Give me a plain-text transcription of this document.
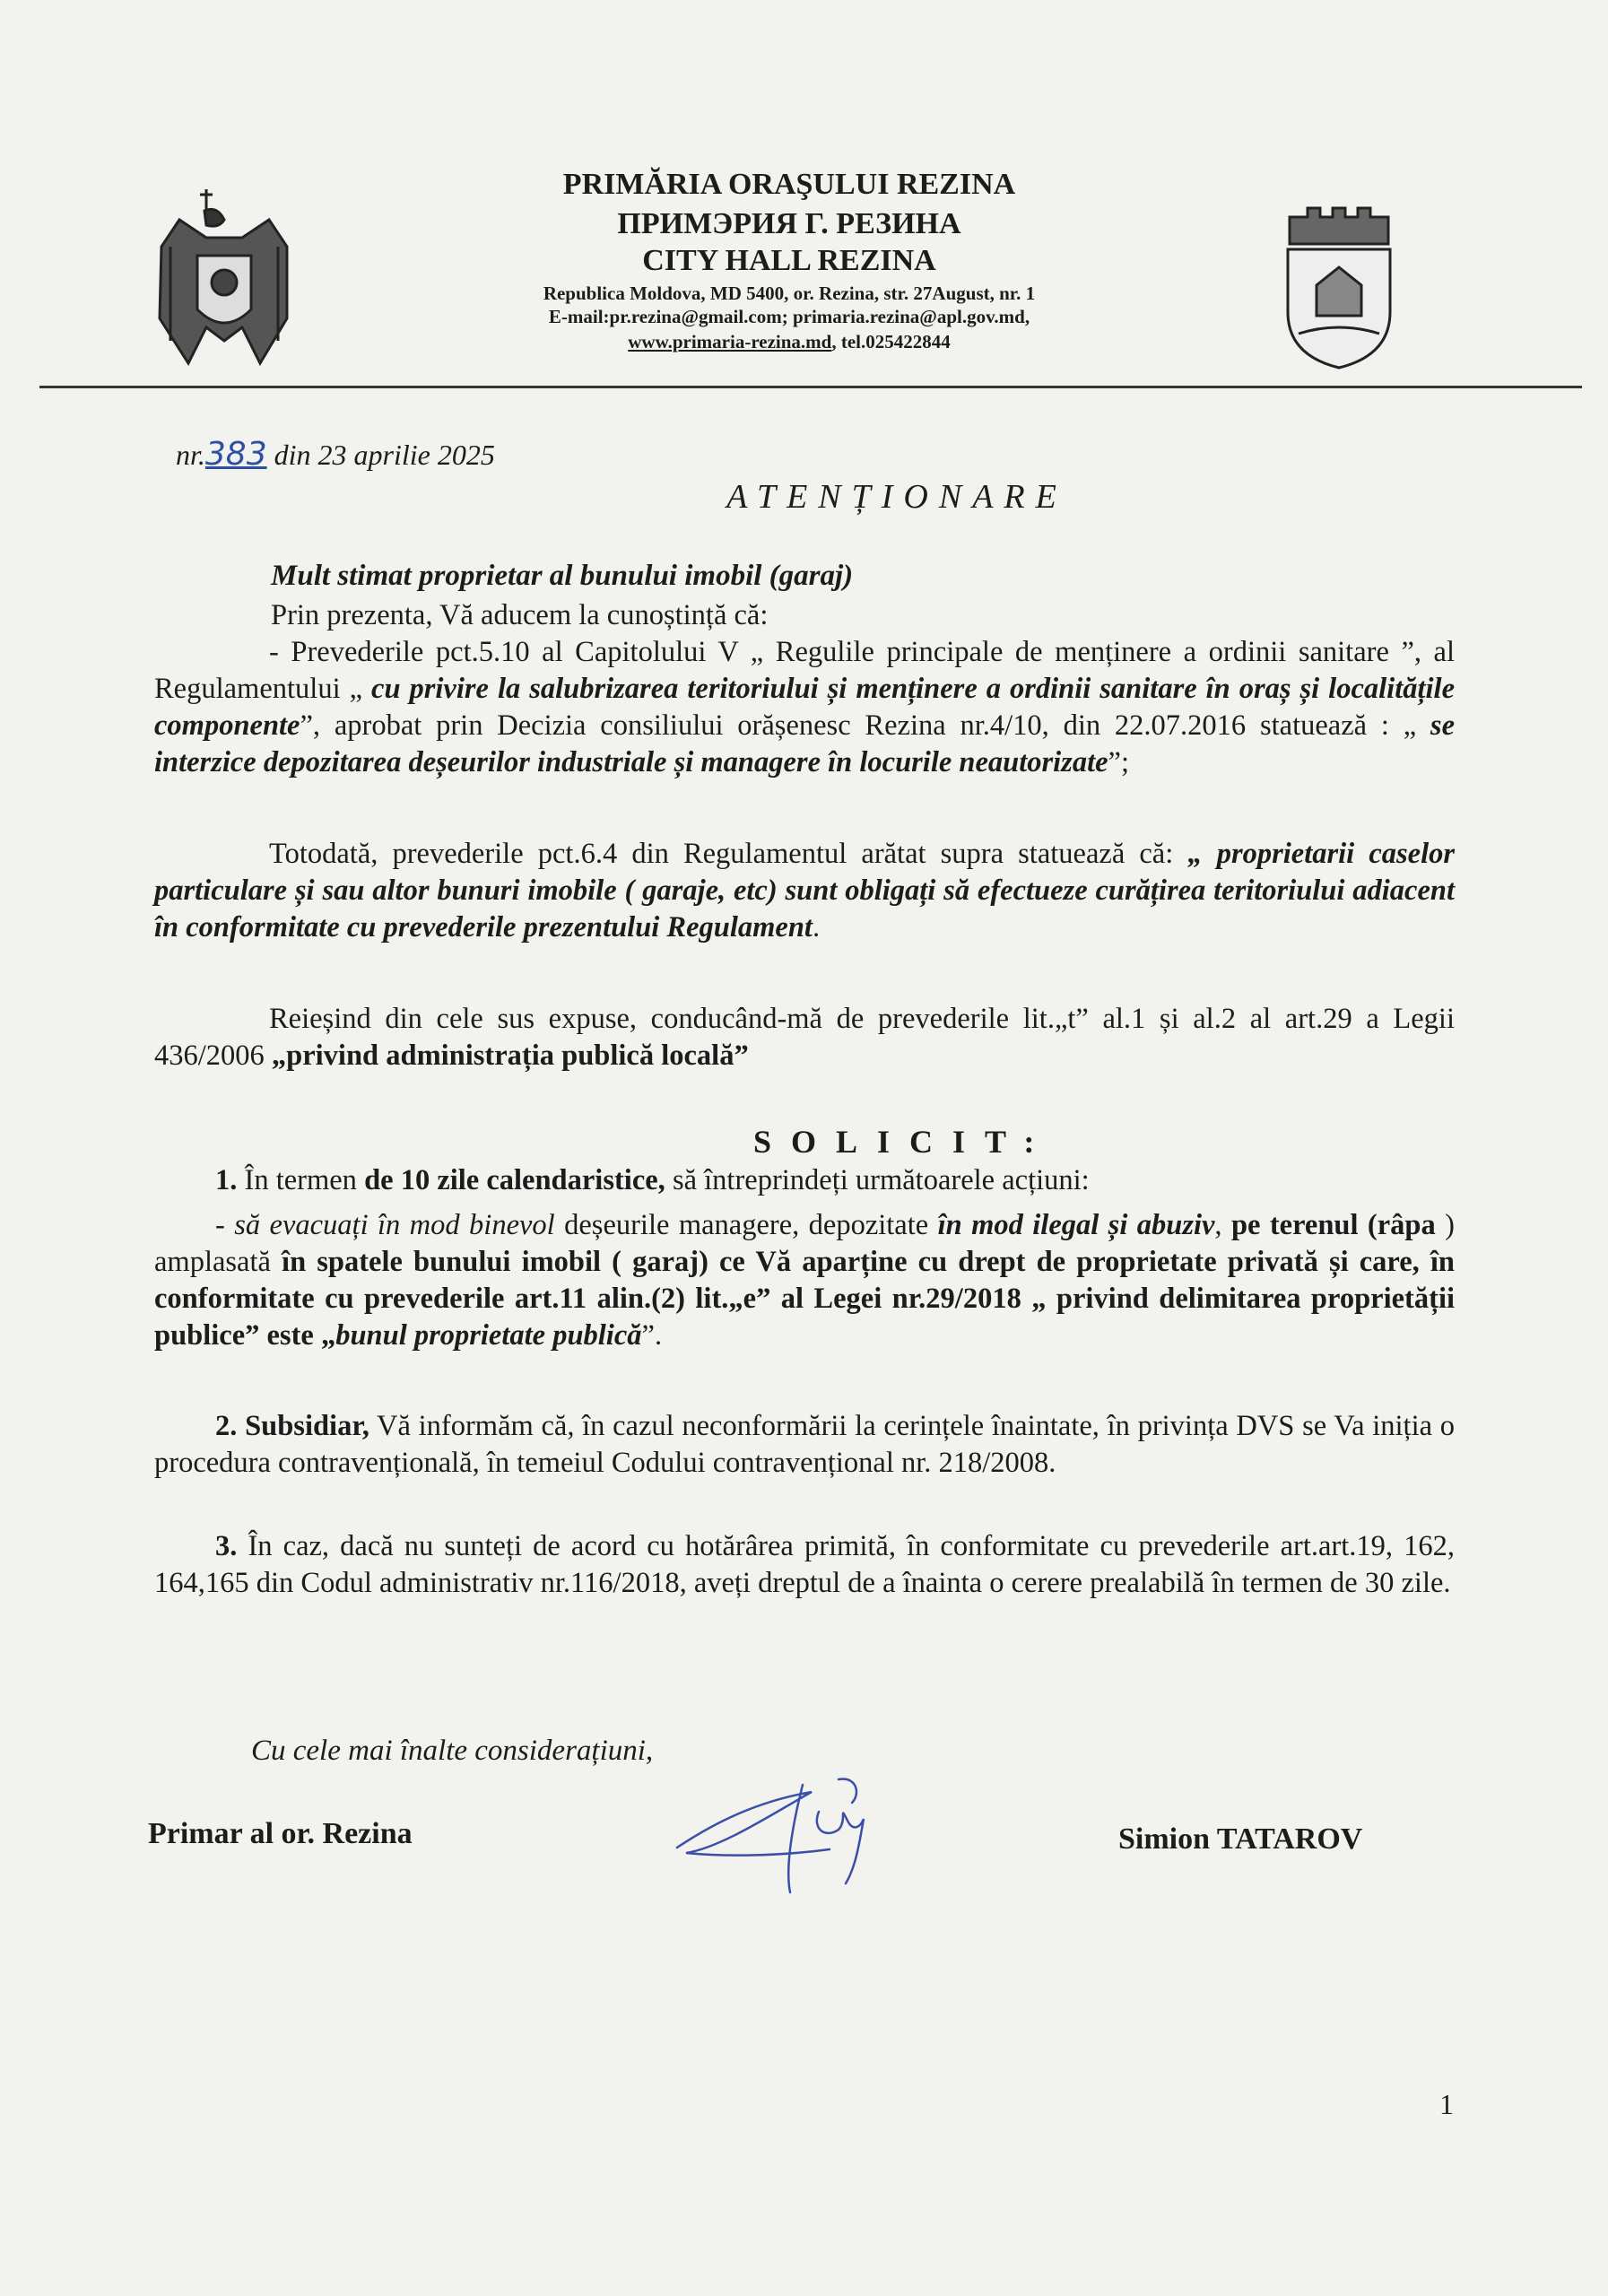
PRIMĂRIA ORAŞULUI REZINA
ПРИМЭРИЯ Г. РЕЗИНА
CITY HALL REZINA
Republica Moldova, MD 5400, or. Rezina, str. 27August, nr. 1
E-mail:pr.rezina@gmail.com; primaria.rezina@apl.gov.md,
www.primaria-rezina.md, tel.025422844
nr.383 din 23 aprilie 2025
ATENȚIONARE
Mult stimat proprietar al bunului imobil (garaj)

Prin prezenta, Vă aducem la cunoștință că:

- Prevederile pct.5.10 al Capitolului V „ Regulile principale de menținere a ordinii sanitare ”, al Regulamentului „ cu privire la salubrizarea teritoriului și menținere a ordinii sanitare în oraș și localitățile componente”, aprobat prin Decizia consiliului orășenesc Rezina nr.4/10, din 22.07.2016 statuează : „ se interzice depozitarea deșeurilor industriale și managere în locurile neautorizate”;

Totodată, prevederile pct.6.4 din Regulamentul arătat supra statuează că: „ proprietarii caselor particulare și sau altor bunuri imobile ( garaje, etc) sunt obligați să efectueze curățirea teritoriului adiacent în conformitate cu prevederile prezentului Regulament.

Reieșind din cele sus expuse, conducând-mă de prevederile lit.„t” al.1 și al.2 al art.29 a Legii 436/2006 „privind administrația publică locală”

SOLICIT:

1. În termen de 10 zile calendaristice, să întreprindeți următoarele acțiuni:

- să evacuați în mod binevol deșeurile managere, depozitate în mod ilegal și abuziv, pe terenul (râpa ) amplasată în spatele bunului imobil ( garaj) ce Vă aparține cu drept de proprietate privată și care, în conformitate cu prevederile art.11 alin.(2) lit.„e” al Legei nr.29/2018 „ privind delimitarea proprietății publice” este „bunul proprietate publică”.

2. Subsidiar, Vă informăm că, în cazul neconformării la cerințele înaintate, în privința DVS se Va iniția o procedura contravențională, în temeiul Codului contravențional nr. 218/2008.

3. În caz, dacă nu sunteți de acord cu hotărârea primită, în conformitate cu prevederile art.art.19, 162, 164,165 din Codul administrativ nr.116/2018, aveți dreptul de a înainta o cerere prealabilă în termen de 30 zile.

Cu cele mai înalte considerațiuni,
Primar al or. Rezina	Simion TATAROV
1
